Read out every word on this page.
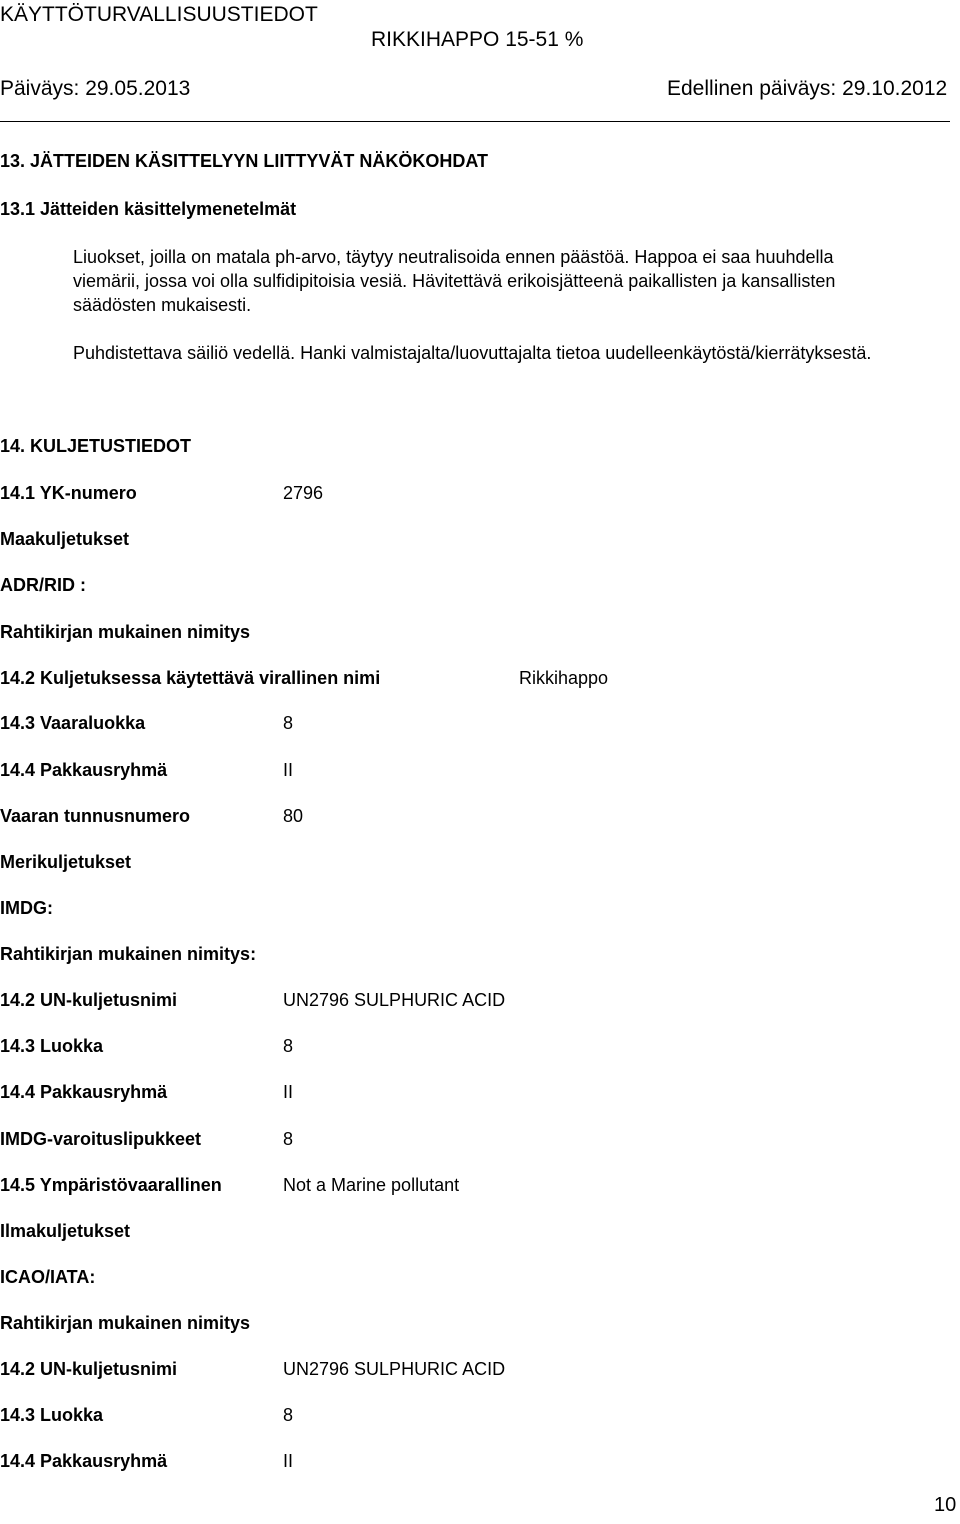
KÄYTTÖTURVALLISUUSTIEDOT
RIKKIHAPPO 15-51 %
Päiväys: 29.05.2013	Edellinen päiväys: 29.10.2012
13. JÄTTEIDEN KÄSITTELYYN LIITTYVÄT NÄKÖKOHDAT
13.1 Jätteiden käsittelymenetelmät
Liuokset, joilla on matala ph-arvo, täytyy neutralisoida ennen päästöä. Happoa ei saa huuhdella
viemärii, jossa voi olla sulfidipitoisia vesiä. Hävitettävä erikoisjätteenä paikallisten ja kansallisten
säädösten mukaisesti.
Puhdistettava säiliö vedellä. Hanki valmistajalta/luovuttajalta tietoa uudelleenkäytöstä/kierrätyksestä.
14. KULJETUSTIEDOT
14.1 YK-numero	2796
Maakuljetukset
ADR/RID :
Rahtikirjan mukainen nimitys
14.2 Kuljetuksessa käytettävä virallinen nimi	Rikkihappo
14.3 Vaaraluokka	8
14.4 Pakkausryhmä	II
Vaaran tunnusnumero	80
Merikuljetukset
IMDG:
Rahtikirjan mukainen nimitys:
14.2 UN-kuljetusnimi	UN2796 SULPHURIC ACID
14.3 Luokka	8
14.4 Pakkausryhmä	II
IMDG-varoituslipukkeet	8
14.5 Ympäristövaarallinen	Not a Marine pollutant
Ilmakuljetukset
ICAO/IATA:
Rahtikirjan mukainen nimitys
14.2 UN-kuljetusnimi	UN2796 SULPHURIC ACID
14.3 Luokka	8
14.4 Pakkausryhmä	II
10
